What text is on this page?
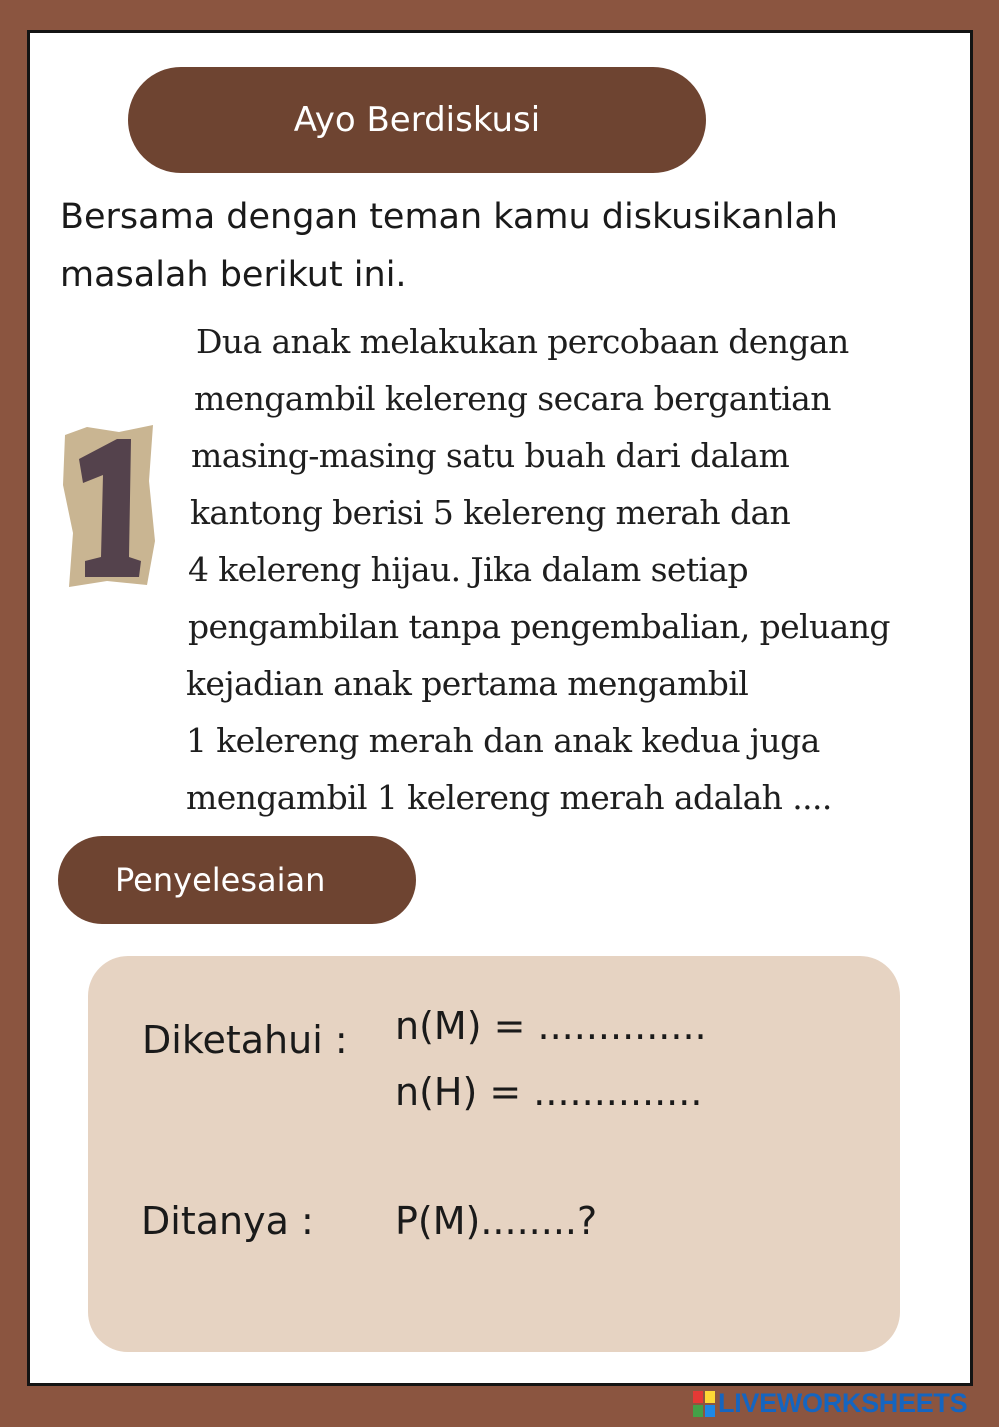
Ayo Berdiskusi
Bersama dengan teman kamu diskusikanlah
masalah berikut ini.
Dua anak melakukan percobaan dengan
mengambil kelereng secara bergantian
masing-masing satu buah dari dalam
kantong berisi 5 kelereng merah dan
4 kelereng hijau. Jika dalam setiap
pengambilan tanpa pengembalian, peluang
kejadian anak pertama mengambil
1 kelereng merah dan anak kedua juga
mengambil 1 kelereng merah adalah ....
Penyelesaian
Diketahui : n(M) = ..............
n(H) = ..............
Ditanya : P(M)........?
LIVEWORKSHEETS
